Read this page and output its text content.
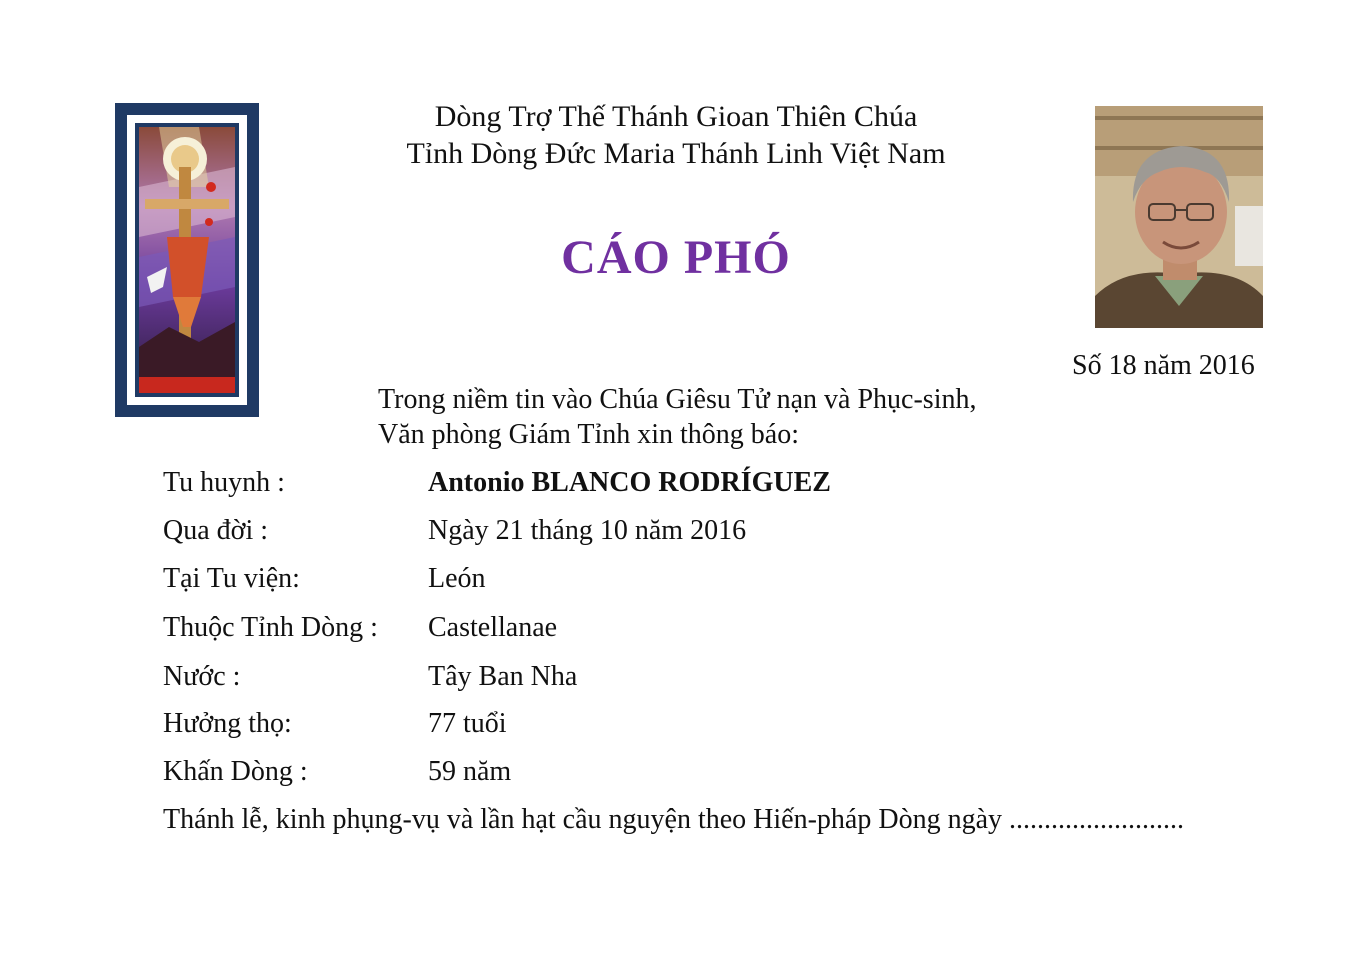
Dòng Trợ Thế Thánh Gioan Thiên Chúa
Tỉnh Dòng Đức Maria Thánh Linh Việt Nam
CÁO PHÓ
Số 18 năm 2016
Trong niềm tin vào Chúa Giêsu Tử nạn và Phục-sinh,
Văn phòng Giám Tỉnh xin thông báo:
Tu huynh :	Antonio BLANCO RODRÍGUEZ
Qua đời :	Ngày 21 tháng 10 năm 2016
Tại Tu viện:	León
Thuộc Tỉnh Dòng : Castellanae
Nước :	Tây Ban Nha
Hưởng thọ:	77 tuổi
Khấn Dòng :	59 năm
Thánh lễ, kinh phụng-vụ và lần hạt cầu nguyện theo Hiến-pháp Dòng ngày .........................
